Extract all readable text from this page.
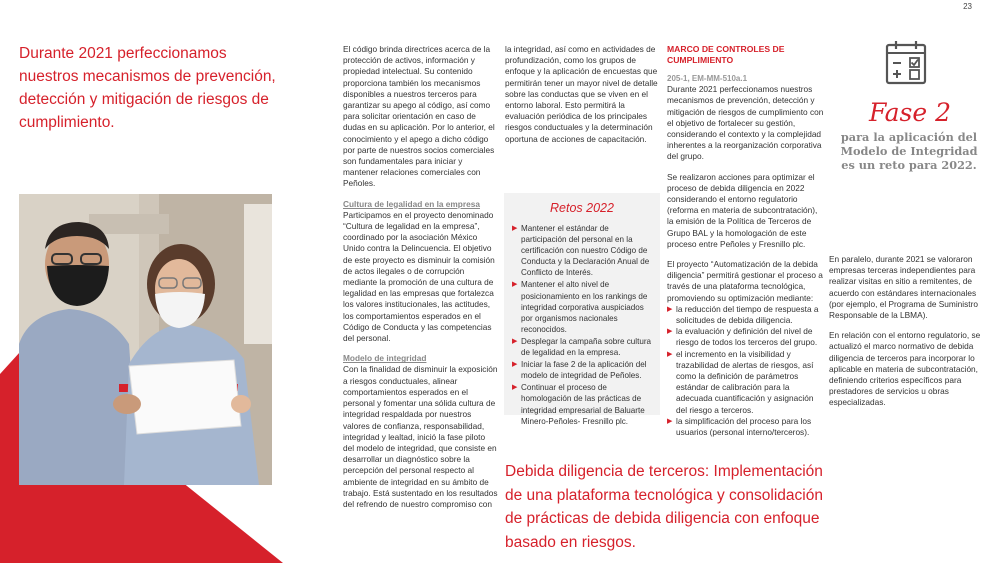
23
Durante 2021 perfeccionamos nuestros mecanismos de prevención, detección y mitigación de riesgos de cumplimiento.

El código brinda directrices acerca de la protección de activos, información y propiedad intelectual. Su contenido proporciona también los mecanismos disponibles a nuestros terceros para garantizar su apego al código, así como para solicitar orientación en caso de dudas en su aplicación. Por lo anterior, el conocimiento y el apego a dicho código por parte de nuestros socios comerciales son fundamentales para iniciar y mantener relaciones comerciales con Peñoles.

Cultura de legalidad en la empresa

Participamos en el proyecto denominado “Cultura de legalidad en la empresa”, coordinado por la asociación México Unido contra la Delincuencia. El objetivo de este proyecto es disminuir la comisión de actos ilegales o de corrupción mediante la promoción de una cultura de legalidad en las empresas que fortalezca los valores institucionales, las actitudes, los comportamientos esperados en el Código de Conducta y las competencias del personal.

Modelo de integridad

Con la finalidad de disminuir la exposición a riesgos conductuales, alinear comportamientos esperados en el personal y fomentar una sólida cultura de integridad respaldada por nuestros valores de confianza, responsabilidad, integridad y lealtad, inició la fase piloto del modelo de integridad, que consiste en desarrollar un diagnóstico sobre la percepción del personal respecto al ambiente de integridad en su ámbito de trabajo. Está sustentado en los resultados del refrendo de nuestro compromiso con

la integridad, así como en actividades de profundización, como los grupos de enfoque y la aplicación de encuestas que permitirán tener un mayor nivel de detalle sobre las conductas que se viven en el entorno laboral. Esto permitirá la evaluación periódica de los principales riesgos conductuales y la determinación oportuna de acciones de capacitación.

Retos 2022
▶ Mantener el estándar de participación del personal en la certificación con nuestro Código de Conducta y la Declaración Anual de Conflicto de Interés.
▶ Mantener el alto nivel de posicionamiento en los rankings de integridad corporativa auspiciados por organismos nacionales reconocidos.
▶ Desplegar la campaña sobre cultura de legalidad en la empresa.
▶ Iniciar la fase 2 de la aplicación del modelo de integridad de Peñoles.
▶ Continuar el proceso de homologación de las prácticas de integridad empresarial de Baluarte Minero-Peñoles- Fresnillo plc.
Debida diligencia de terceros: Implementación de una plataforma tecnológica y consolidación de prácticas de debida diligencia con enfoque basado en riesgos.
MARCO DE CONTROLES DE CUMPLIMIENTO
205-1, EM-MM-510a.1

Durante 2021 perfeccionamos nuestros mecanismos de prevención, detección y mitigación de riesgos de cumplimiento con el objetivo de fortalecer su gestión, considerando el contexto y la complejidad inherentes a la reorganización corporativa del grupo.

Se realizaron acciones para optimizar el proceso de debida diligencia en 2022 considerando el entorno regulatorio (reforma en materia de subcontratación), la emisión de la Política de Terceros de Grupo BAL y la homologación de este proceso entre Peñoles y Fresnillo plc.

El proyecto “Automatización de la debida diligencia” permitirá gestionar el proceso a través de una plataforma tecnológica, promoviendo su optimización mediante:

▶ la reducción del tiempo de respuesta a solicitudes de debida diligencia.
▶ la evaluación y definición del nivel de riesgo de todos los terceros del grupo.
▶ el incremento en la visibilidad y trazabilidad de alertas de riesgos, así como la definición de parámetros estándar de calibración para la adecuada cuantificación y asignación del riesgo a terceros.
▶ la simplificación del proceso para los usuarios (personal interno/terceros).

En paralelo, durante 2021 se valoraron empresas terceras independientes para realizar visitas en sitio a remitentes, de acuerdo con estándares internacionales (por ejemplo, el Programa de Suministro Responsable de la LBMA).

En relación con el entorno regulatorio, se actualizó el marco normativo de debida diligencia de terceros para incorporar lo aplicable en materia de subcontratación, definiendo criterios específicos para prestadores de servicios u obras especializadas.

Fase 2

para la aplicación del Modelo de Integridad es un reto para 2022.
